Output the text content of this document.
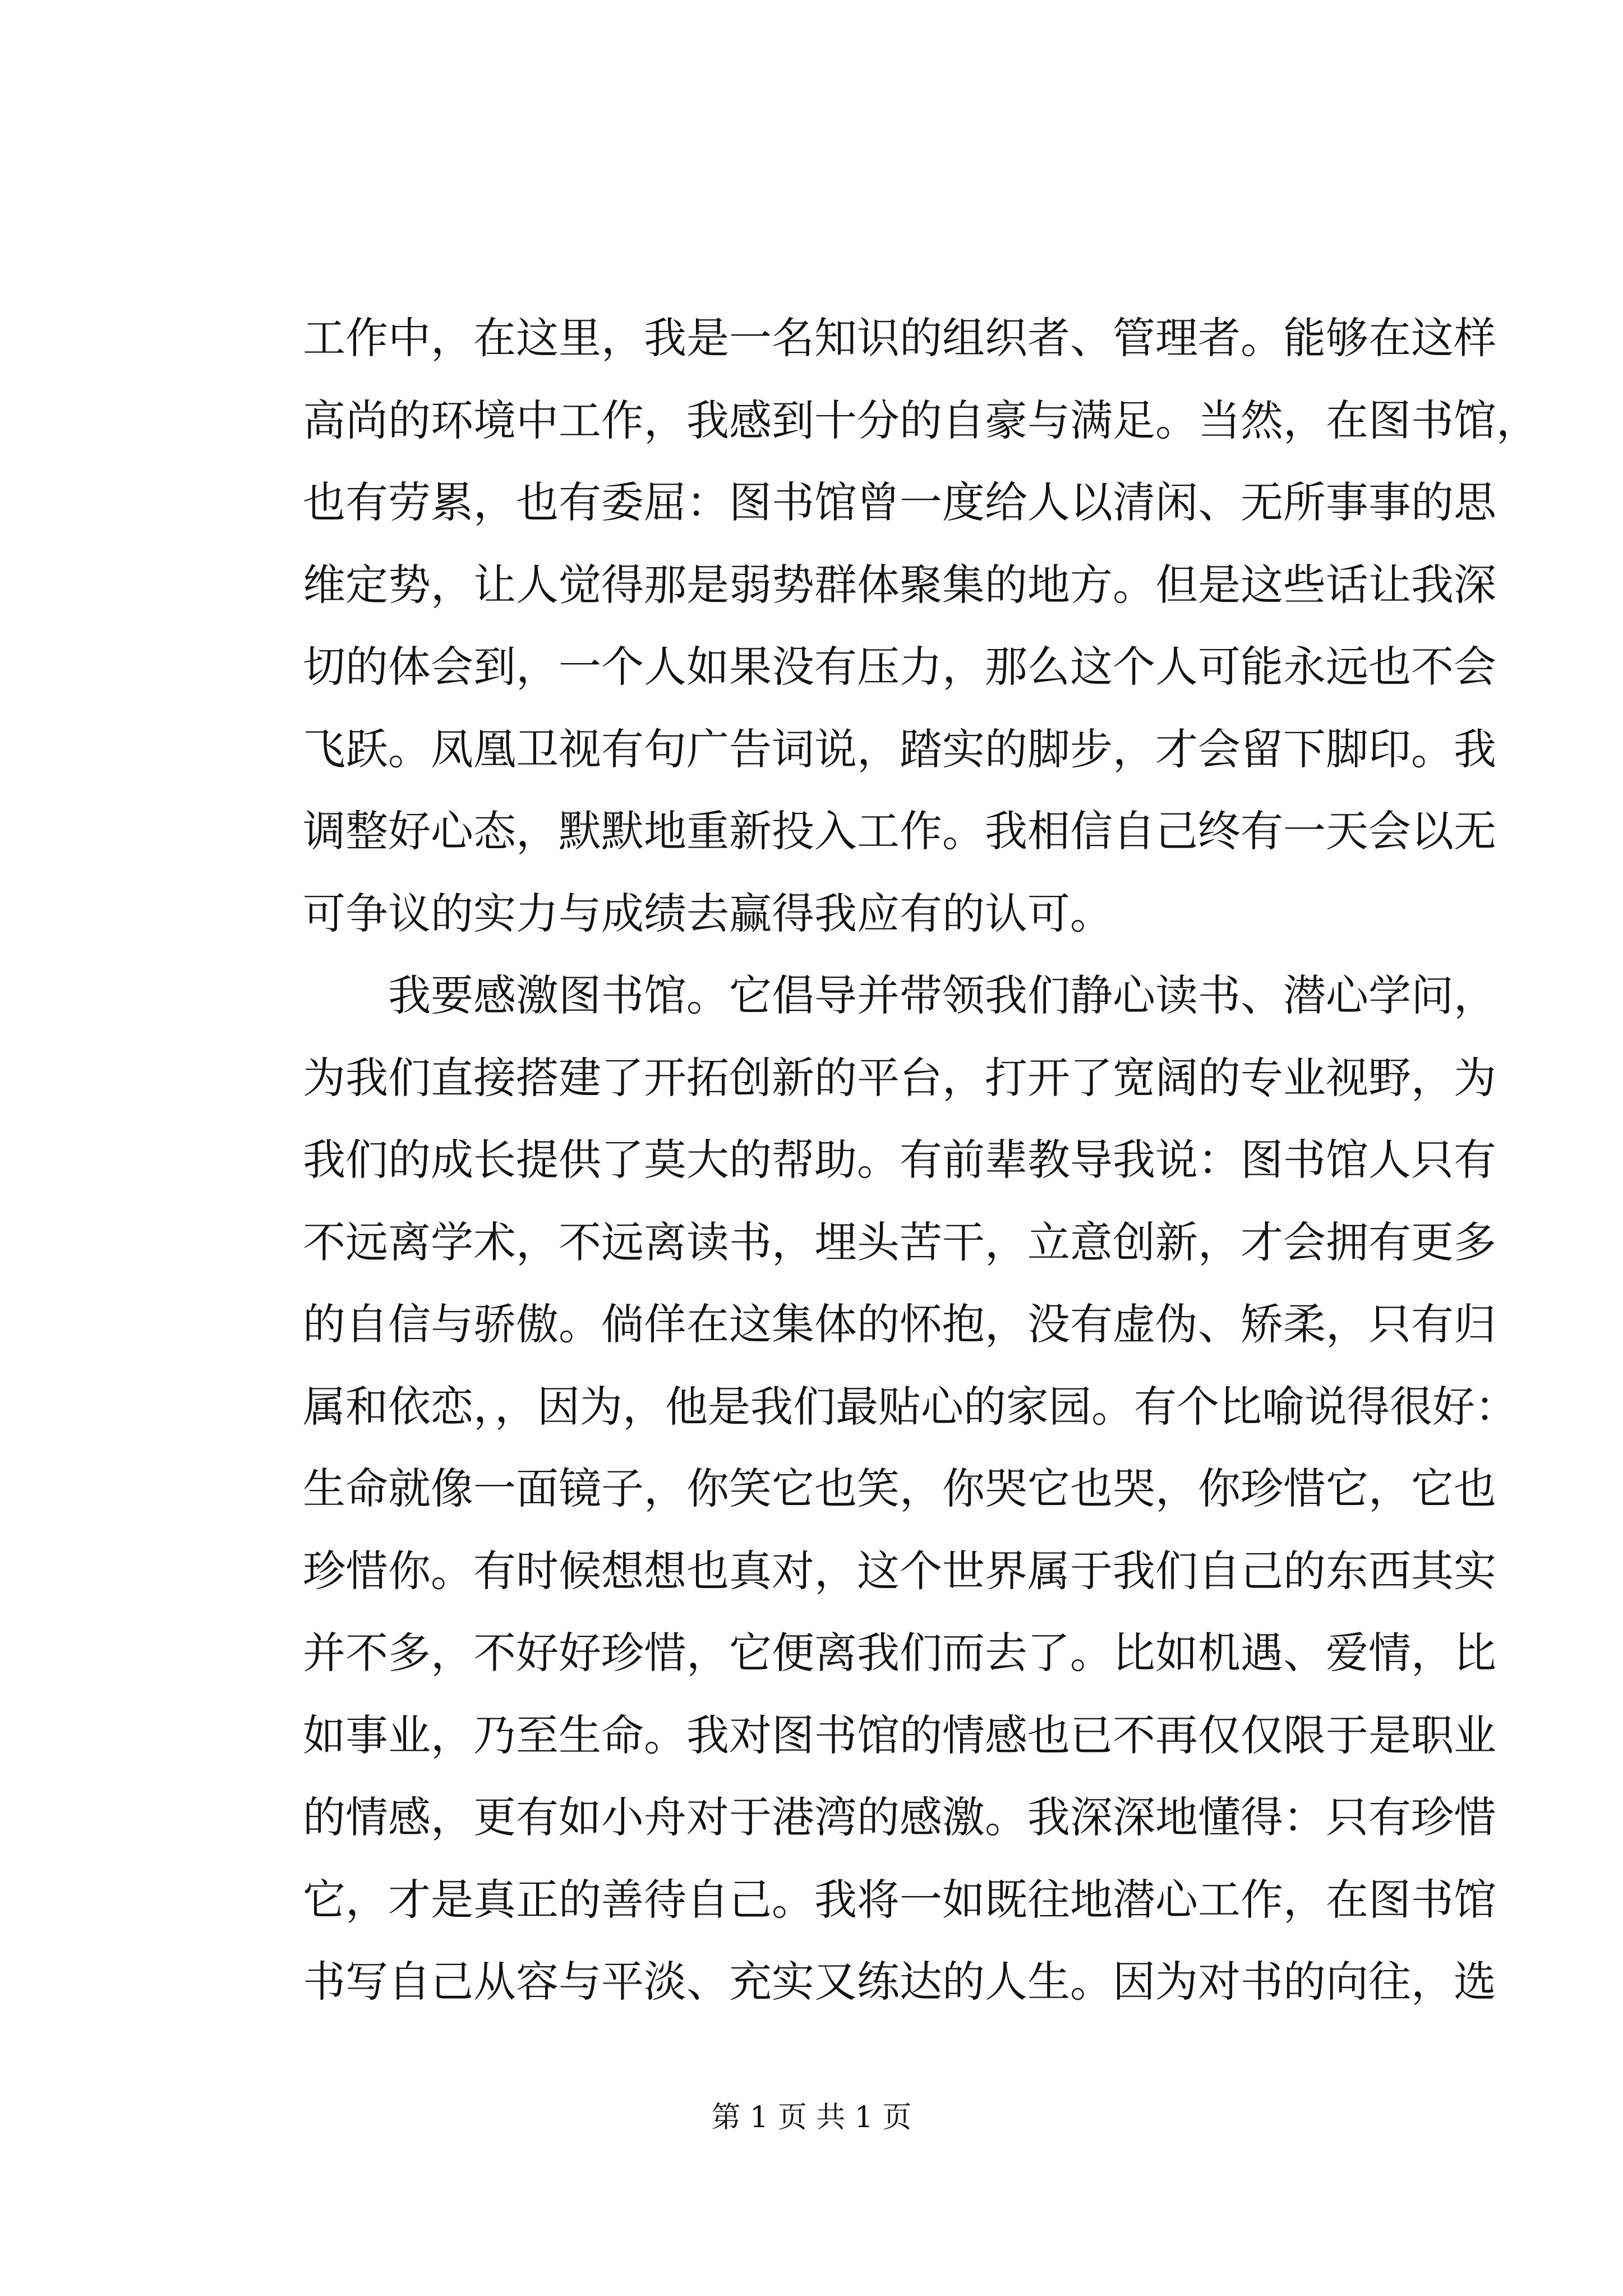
工作中，在这里，我是一名知识的组织者、管理者。能够在这样
高尚的环境中工作，我感到十分的自豪与满足。当然，在图书馆，
也有劳累，也有委屈：图书馆曾一度给人以清闲、无所事事的思
维定势，让人觉得那是弱势群体聚集的地方。但是这些话让我深
切的体会到，一个人如果没有压力，那么这个人可能永远也不会
飞跃。凤凰卫视有句广告词说，踏实的脚步，才会留下脚印。我
调整好心态，默默地重新投入工作。我相信自己终有一天会以无
可争议的实力与成绩去赢得我应有的认可。
我要感激图书馆。它倡导并带领我们静心读书、潜心学问，
为我们直接搭建了开拓创新的平台，打开了宽阔的专业视野，为
我们的成长提供了莫大的帮助。有前辈教导我说：图书馆人只有
不远离学术，不远离读书，埋头苦干，立意创新，才会拥有更多
的自信与骄傲。倘佯在这集体的怀抱，没有虚伪、矫柔，只有归
属和依恋，，因为，他是我们最贴心的家园。有个比喻说得很好：
生命就像一面镜子，你笑它也笑，你哭它也哭，你珍惜它，它也
珍惜你。有时候想想也真对，这个世界属于我们自己的东西其实
并不多，不好好珍惜，它便离我们而去了。比如机遇、爱情，比
如事业，乃至生命。我对图书馆的情感也已不再仅仅限于是职业
的情感，更有如小舟对于港湾的感激。我深深地懂得：只有珍惜
它，才是真正的善待自己。我将一如既往地潜心工作，在图书馆
书写自己从容与平淡、充实又练达的人生。因为对书的向往，选
第 1 页 共 1 页
